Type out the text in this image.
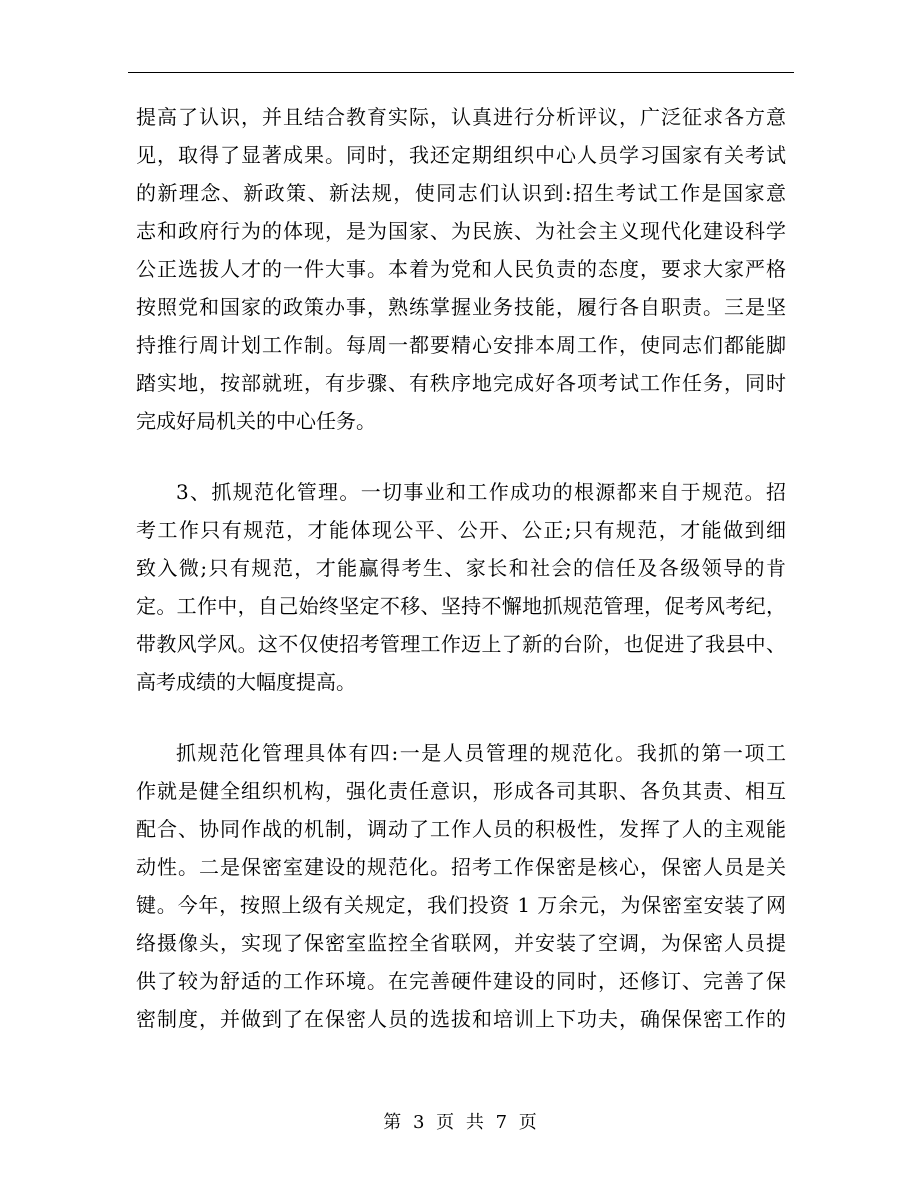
提高了认识，并且结合教育实际，认真进行分析评议，广泛征求各方意
见，取得了显著成果。同时，我还定期组织中心人员学习国家有关考试
的新理念、新政策、新法规，使同志们认识到:招生考试工作是国家意
志和政府行为的体现，是为国家、为民族、为社会主义现代化建设科学
公正选拔人才的一件大事。本着为党和人民负责的态度，要求大家严格
按照党和国家的政策办事，熟练掌握业务技能，履行各自职责。三是坚
持推行周计划工作制。每周一都要精心安排本周工作，使同志们都能脚
踏实地，按部就班，有步骤、有秩序地完成好各项考试工作任务，同时
完成好局机关的中心任务。
3、抓规范化管理。一切事业和工作成功的根源都来自于规范。招
考工作只有规范，才能体现公平、公开、公正;只有规范，才能做到细
致入微;只有规范，才能赢得考生、家长和社会的信任及各级领导的肯
定。工作中，自己始终坚定不移、坚持不懈地抓规范管理，促考风考纪，
带教风学风。这不仅使招考管理工作迈上了新的台阶，也促进了我县中、
高考成绩的大幅度提高。
抓规范化管理具体有四:一是人员管理的规范化。我抓的第一项工
作就是健全组织机构，强化责任意识，形成各司其职、各负其责、相互
配合、协同作战的机制，调动了工作人员的积极性，发挥了人的主观能
动性。二是保密室建设的规范化。招考工作保密是核心，保密人员是关
键。今年，按照上级有关规定，我们投资 1 万余元，为保密室安装了网
络摄像头，实现了保密室监控全省联网，并安装了空调，为保密人员提
供了较为舒适的工作环境。在完善硬件建设的同时，还修订、完善了保
密制度，并做到了在保密人员的选拔和培训上下功夫，确保保密工作的
第 3 页 共 7 页
